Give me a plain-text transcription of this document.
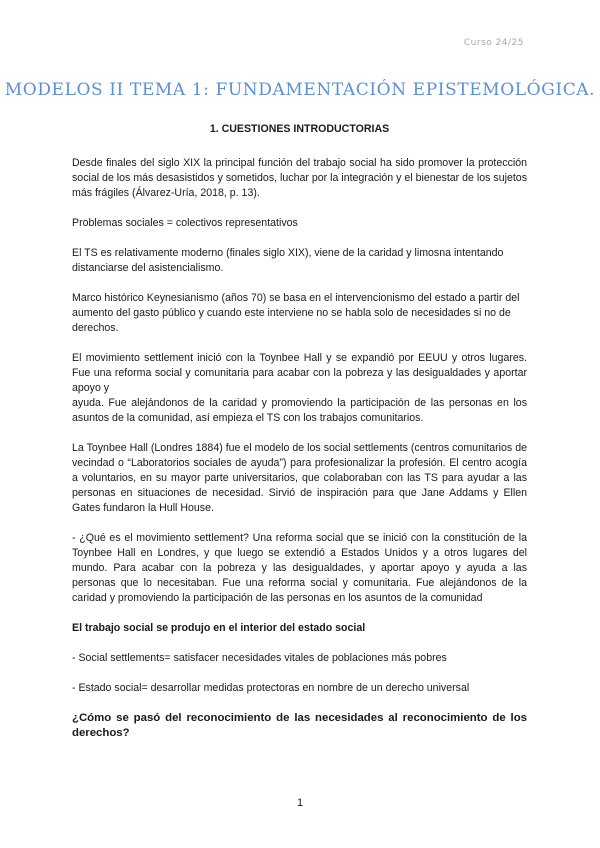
Curso 24/25
MODELOS II TEMA 1: FUNDAMENTACIÓN EPISTEMOLÓGICA.
1. CUESTIONES INTRODUCTORIAS

Desde finales del siglo XIX la principal función del trabajo social ha sido promover la protección social de los más desasistidos y sometidos, luchar por la integración y el bienestar de los sujetos más frágiles (Álvarez-Uría, 2018, p. 13).

Problemas sociales = colectivos representativos

El TS es relativamente moderno (finales siglo XIX), viene de la caridad y limosna intentando distanciarse del asistencialismo.

Marco histórico Keynesianismo (años 70) se basa en el intervencionismo del estado a partir del aumento del gasto público y cuando este interviene no se habla solo de necesidades si no de derechos.

El movimiento settlement inició con la Toynbee Hall y se expandió por EEUU y otros lugares. Fue una reforma social y comunitaria para acabar con la pobreza y las desigualdades y aportar apoyo y

ayuda. Fue alejándonos de la caridad y promoviendo la participación de las personas en los asuntos de la comunidad, así empieza el TS con los trabajos comunitarios.

La Toynbee Hall (Londres 1884) fue el modelo de los social settlements (centros comunitarios de vecindad o “Laboratorios sociales de ayuda”) para profesionalizar la profesión. El centro acogía a voluntarios, en su mayor parte universitarios, que colaboraban con las TS para ayudar a las personas en situaciones de necesidad. Sirvió de inspiración para que Jane Addams y Ellen Gates fundaron la Hull House.

- ¿Qué es el movimiento settlement? Una reforma social que se inició con la constitución de la Toynbee Hall en Londres, y que luego se extendió a Estados Unidos y a otros lugares del mundo. Para acabar con la pobreza y las desigualdades, y aportar apoyo y ayuda a las personas que lo necesitaban. Fue una reforma social y comunitaria. Fue alejándonos de la caridad y promoviendo la participación de las personas en los asuntos de la comunidad

El trabajo social se produjo en el interior del estado social

- Social settlements= satisfacer necesidades vitales de poblaciones más pobres

- Estado social= desarrollar medidas protectoras en nombre de un derecho universal

¿Cómo se pasó del reconocimiento de las necesidades al reconocimiento de los derechos?

1
